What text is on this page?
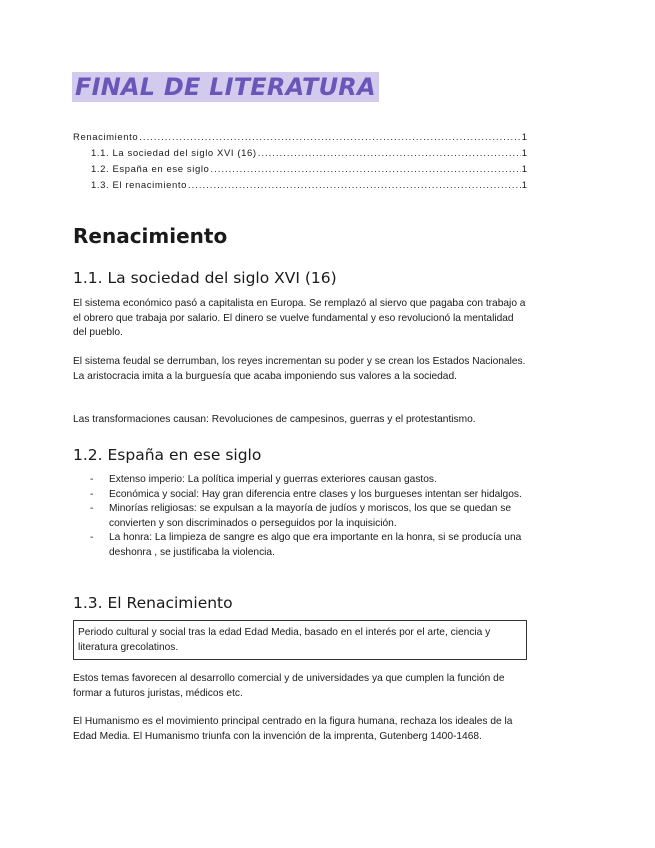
FINAL DE LITERATURA
Renacimiento .....	1
1.1. La sociedad del siglo XVI (16) .....	1
1.2. España en ese siglo .....	1
1.3. El renacimiento .....	1
Renacimiento
1.1. La sociedad del siglo XVI (16)

El sistema económico pasó a capitalista en Europa. Se remplazó al siervo que pagaba con trabajo a el obrero que trabaja por salario. El dinero se vuelve fundamental y eso revolucionó la mentalidad del pueblo.

El sistema feudal se derrumban, los reyes incrementan su poder y se crean los Estados Nacionales. La aristocracia imita a la burguesía que acaba imponiendo sus valores a la sociedad.

Las transformaciones causan: Revoluciones de campesinos, guerras y el protestantismo.

1.2. España en ese siglo
- Extenso imperio: La política imperial y guerras exteriores causan gastos.
- Económica y social: Hay gran diferencia entre clases y los burgueses intentan ser hidalgos.
- Minorías religiosas: se expulsan a la mayoría de judíos y moriscos, los que se quedan se convierten y son discriminados o perseguidos por la inquisición.
- La honra: La limpieza de sangre es algo que era importante en la honra, si se producía una deshonra , se justificaba la violencia.
1.3. El Renacimiento
Periodo cultural y social tras la edad Edad Media, basado en el interés por el arte, ciencia y literatura grecolatinos.

Estos temas favorecen al desarrollo comercial y de universidades ya que cumplen la función de formar a futuros juristas, médicos etc.

El Humanismo es el movimiento principal centrado en la figura humana, rechaza los ideales de la Edad Media. El Humanismo triunfa con la invención de la imprenta, Gutenberg 1400-1468.
